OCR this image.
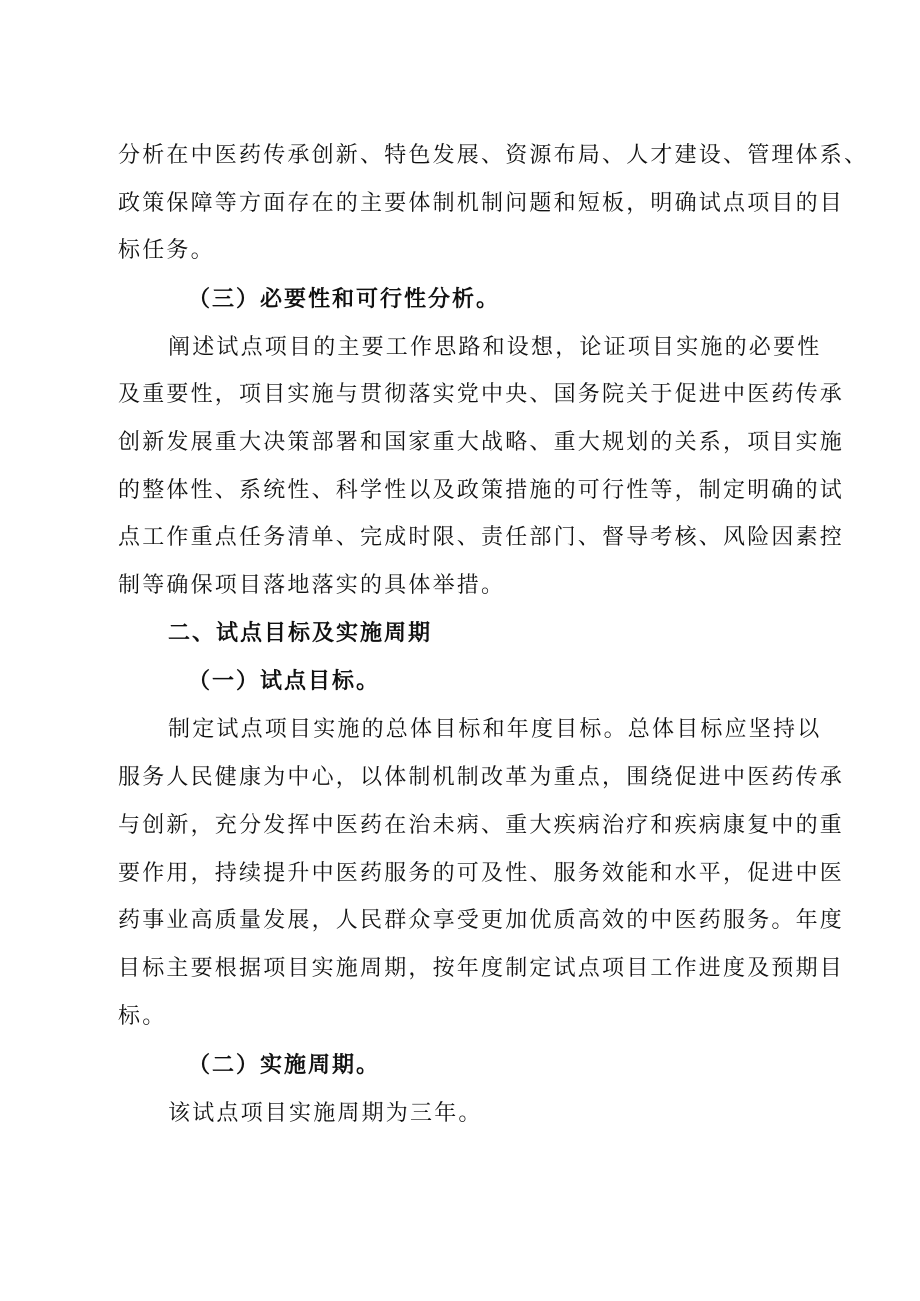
分析在中医药传承创新、特色发展、资源布局、人才建设、管理体系、
政策保障等方面存在的主要体制机制问题和短板，明确试点项目的目
标任务。
（三）必要性和可行性分析。
阐述试点项目的主要工作思路和设想，论证项目实施的必要性
及重要性，项目实施与贯彻落实党中央、国务院关于促进中医药传承
创新发展重大决策部署和国家重大战略、重大规划的关系，项目实施
的整体性、系统性、科学性以及政策措施的可行性等，制定明确的试
点工作重点任务清单、完成时限、责任部门、督导考核、风险因素控
制等确保项目落地落实的具体举措。
二、试点目标及实施周期
（一）试点目标。
制定试点项目实施的总体目标和年度目标。总体目标应坚持以
服务人民健康为中心，以体制机制改革为重点，围绕促进中医药传承
与创新，充分发挥中医药在治未病、重大疾病治疗和疾病康复中的重
要作用，持续提升中医药服务的可及性、服务效能和水平，促进中医
药事业高质量发展，人民群众享受更加优质高效的中医药服务。年度
目标主要根据项目实施周期，按年度制定试点项目工作进度及预期目
标。
（二）实施周期。
该试点项目实施周期为三年。
